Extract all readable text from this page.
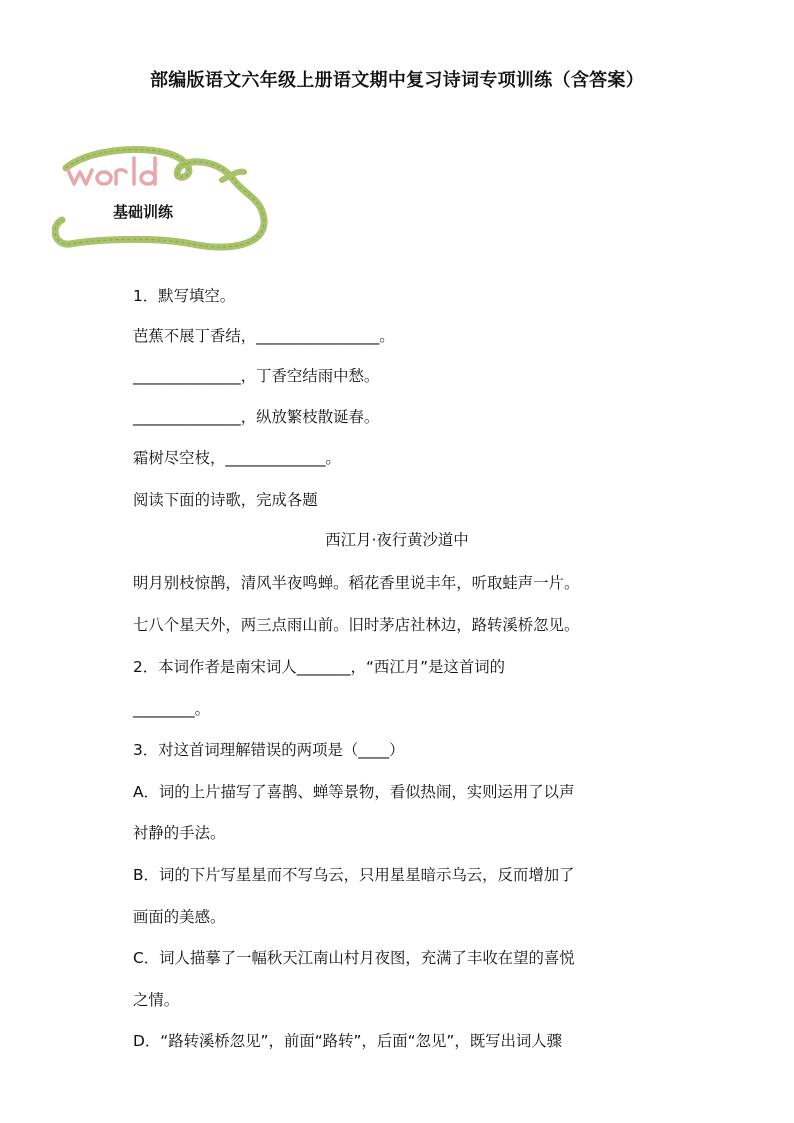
部编版语文六年级上册语文期中复习诗词专项训练（含答案）
基础训练
1．默写填空。
芭蕉不展丁香结，________________。
______________，丁香空结雨中愁。
______________，纵放繁枝散诞春。
霜树尽空枝，_____________。
阅读下面的诗歌，完成各题
西江月·夜行黄沙道中
明月别枝惊鹊，清风半夜鸣蝉。稻花香里说丰年，听取蛙声一片。
七八个星天外，两三点雨山前。旧时茅店社林边，路转溪桥忽见。
2．本词作者是南宋词人_______，“西江月”是这首词的
________。
3．对这首词理解错误的两项是（____）
A．词的上片描写了喜鹊、蝉等景物，看似热闹，实则运用了以声
衬静的手法。
B．词的下片写星星而不写乌云，只用星星暗示乌云，反而增加了
画面的美感。
C．词人描摹了一幅秋天江南山村月夜图，充满了丰收在望的喜悦
之情。
D．“路转溪桥忽见”，前面“路转”，后面“忽见”，既写出词人骤
